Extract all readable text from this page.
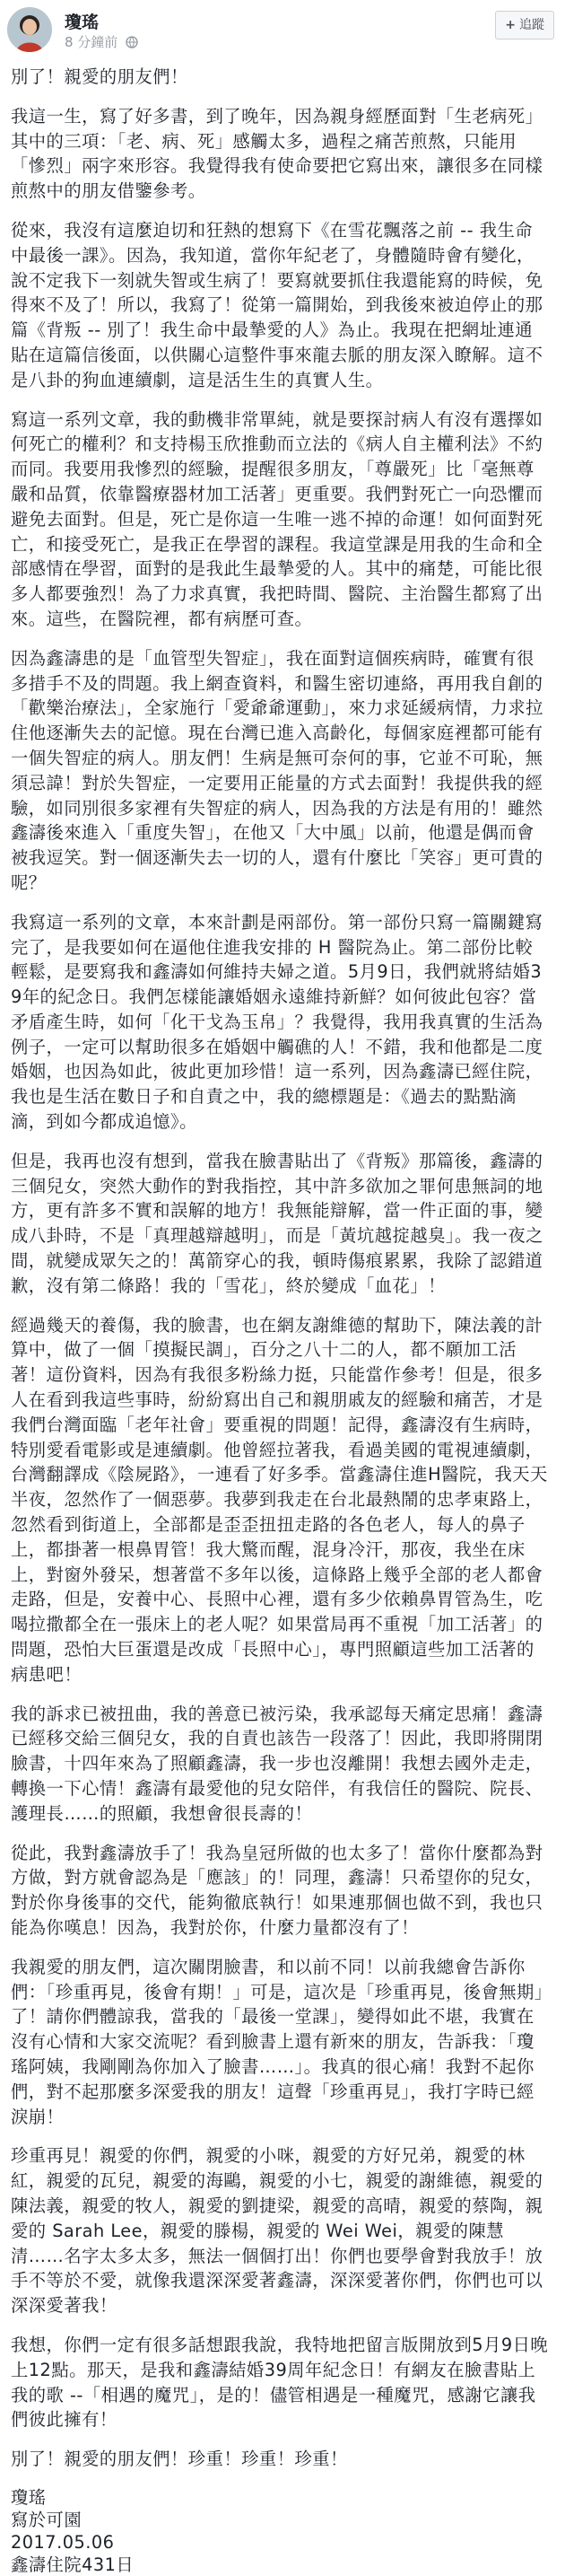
瓊瑤
8 分鐘前
+ 追蹤

別了！親愛的朋友們！

我這一生，寫了好多書，到了晚年，因為親身經歷面對「生老病死」其中的三項：「老、病、死」感觸太多，過程之痛苦煎熬，只能用「慘烈」兩字來形容。我覺得我有使命要把它寫出來，讓很多在同樣煎熬中的朋友借鑒參考。

從來，我沒有這麼迫切和狂熱的想寫下《在雪花飄落之前 -- 我生命中最後一課》。因為，我知道，當你年紀老了，身體隨時會有變化，說不定我下一刻就失智或生病了！要寫就要抓住我還能寫的時候，免得來不及了！所以，我寫了！從第一篇開始，到我後來被迫停止的那篇《背叛 -- 別了！我生命中最摯愛的人》為止。我現在把網址連通貼在這篇信後面，以供關心這整件事來龍去脈的朋友深入瞭解。這不是八卦的狗血連續劇，這是活生生的真實人生。

寫這一系列文章，我的動機非常單純，就是要探討病人有沒有選擇如何死亡的權利？和支持楊玉欣推動而立法的《病人自主權利法》不約而同。我要用我慘烈的經驗，提醒很多朋友，「尊嚴死」比「毫無尊嚴和品質，依靠醫療器材加工活著」更重要。我們對死亡一向恐懼而避免去面對。但是，死亡是你這一生唯一逃不掉的命運！如何面對死亡，和接受死亡，是我正在學習的課程。我這堂課是用我的生命和全部感情在學習，面對的是我此生最摯愛的人。其中的痛楚，可能比很多人都要強烈！為了力求真實，我把時間、醫院、主治醫生都寫了出來。這些，在醫院裡，都有病歷可查。

因為鑫濤患的是「血管型失智症」，我在面對這個疾病時，確實有很多措手不及的問題。我上網查資料，和醫生密切連絡，再用我自創的「歡樂治療法」，全家施行「愛爺爺運動」，來力求延緩病情，力求拉住他逐漸失去的記憶。現在台灣已進入高齡化，每個家庭裡都可能有一個失智症的病人。朋友們！生病是無可奈何的事，它並不可恥，無須忌諱！對於失智症，一定要用正能量的方式去面對！我提供我的經驗，如同別很多家裡有失智症的病人，因為我的方法是有用的！雖然鑫濤後來進入「重度失智」，在他又「大中風」以前，他還是偶而會被我逗笑。對一個逐漸失去一切的人，還有什麼比「笑容」更可貴的呢？

我寫這一系列的文章，本來計劃是兩部份。第一部份只寫一篇關鍵寫完了，是我要如何在逼他住進我安排的 H 醫院為止。第二部份比較輕鬆，是要寫我和鑫濤如何維持夫婦之道。5月9日，我們就將結婚39年的紀念日。我們怎樣能讓婚姻永遠維持新鮮？如何彼此包容？當矛盾產生時，如何「化干戈為玉帛」？我覺得，我用我真實的生活為例子，一定可以幫助很多在婚姻中觸礁的人！不錯，我和他都是二度婚姻，也因為如此，彼此更加珍惜！這一系列，因為鑫濤已經住院，我也是生活在數日子和自責之中，我的總標題是：《過去的點點滴滴，到如今都成追憶》。

但是，我再也沒有想到，當我在臉書貼出了《背叛》那篇後，鑫濤的三個兒女，突然大動作的對我指控，其中許多欲加之罪何患無詞的地方，更有許多不實和誤解的地方！我無能辯解，當一件正面的事，變成八卦時，不是「真理越辯越明」，而是「黃坑越掟越臭」。我一夜之間，就變成眾矢之的！萬箭穿心的我，頓時傷痕累累，我除了認錯道歉，沒有第二條路！我的「雪花」，終於變成「血花」！

經過幾天的養傷，我的臉書，也在網友謝維德的幫助下，陳法義的計算中，做了一個「摸擬民調」，百分之八十二的人，都不願加工活著！這份資料，因為有我很多粉絲力挺，只能當作參考！但是，很多人在看到我這些事時，紛紛寫出自己和親朋戚友的經驗和痛苦，才是我們台灣面臨「老年社會」要重視的問題！記得，鑫濤沒有生病時，特別愛看電影或是連續劇。他曾經拉著我，看過美國的電視連續劇，台灣翻譯成《陰屍路》，一連看了好多季。當鑫濤住進H醫院，我天天半夜，忽然作了一個惡夢。我夢到我走在台北最熱鬧的忠孝東路上，忽然看到街道上，全部都是歪歪扭扭走路的各色老人，每人的鼻子上，都掛著一根鼻胃管！我大驚而醒，混身冷汗，那夜，我坐在床上，對窗外發呆，想著當不多年以後，這條路上幾乎全部的老人都會走路，但是，安養中心、長照中心裡，還有多少依賴鼻胃管為生，吃喝拉撒都全在一張床上的老人呢？如果當局再不重視「加工活著」的問題，恐怕大巨蛋還是改成「長照中心」，專門照顧這些加工活著的病患吧！

我的訴求已被扭曲，我的善意已被污染，我承認每天痛定思痛！鑫濤已經移交給三個兒女，我的自責也該告一段落了！因此，我即將開閉臉書，十四年來為了照顧鑫濤，我一步也沒離開！我想去國外走走，轉換一下心情！鑫濤有最愛他的兒女陪伴，有我信任的醫院、院長、護理長……的照顧，我想會很長壽的！

從此，我對鑫濤放手了！我為皇冠所做的也太多了！當你什麼都為對方做，對方就會認為是「應該」的！同理，鑫濤！只希望你的兒女，對於你身後事的交代，能夠徹底執行！如果連那個也做不到，我也只能為你嘆息！因為，我對於你，什麼力量都沒有了！

我親愛的朋友們，這次關閉臉書，和以前不同！以前我總會告訴你們：「珍重再見，後會有期！」可是，這次是「珍重再見，後會無期」了！請你們體諒我，當我的「最後一堂課」，變得如此不堪，我實在沒有心情和大家交流呢？看到臉書上還有新來的朋友，告訴我：「瓊瑤阿姨，我剛剛為你加入了臉書……」。我真的很心痛！我對不起你們，對不起那麼多深愛我的朋友！這聲「珍重再見」，我打字時已經淚崩！

珍重再見！親愛的你們，親愛的小咪，親愛的方好兄弟，親愛的林紅，親愛的瓦兒，親愛的海鷗，親愛的小七，親愛的謝維德，親愛的陳法義，親愛的牧人，親愛的劉捷梁，親愛的高晴，親愛的蔡陶，親愛的 Sarah Lee，親愛的滕楊，親愛的 Wei Wei，親愛的陳慧清……名字太多太多，無法一個個打出！你們也要學會對我放手！放手不等於不愛，就像我還深深愛著鑫濤，深深愛著你們，你們也可以深深愛著我！

我想，你們一定有很多話想跟我說，我特地把留言版開放到5月9日晚上12點。那天，是我和鑫濤結婚39周年紀念日！有網友在臉書貼上我的歌 --「相遇的魔咒」，是的！儘管相遇是一種魔咒，感謝它讓我們彼此擁有！

別了！親愛的朋友們！珍重！珍重！珍重！

瓊瑤
寫於可園
2017.05.06
鑫濤住院431日
